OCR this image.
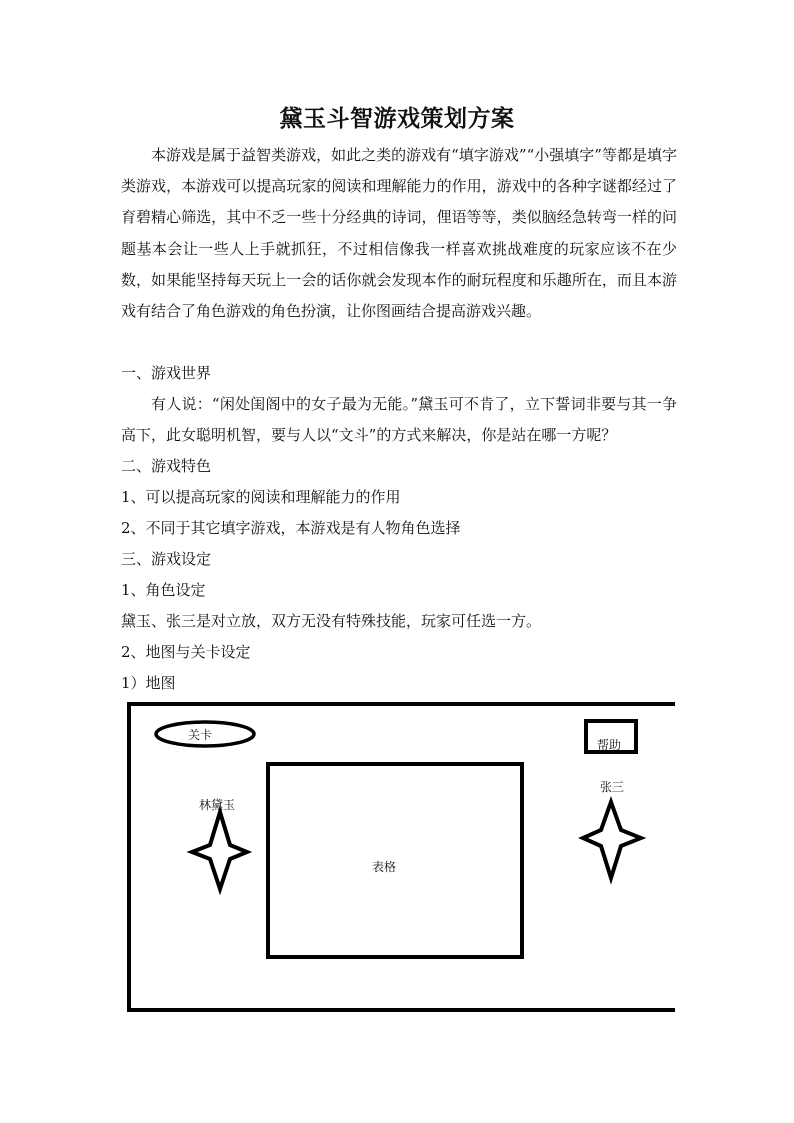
黛玉斗智游戏策划方案

本游戏是属于益智类游戏，如此之类的游戏有“填字游戏”“小强填字”等都是填字类游戏，本游戏可以提高玩家的阅读和理解能力的作用，游戏中的各种字谜都经过了育碧精心筛选，其中不乏一些十分经典的诗词，俚语等等，类似脑经急转弯一样的问题基本会让一些人上手就抓狂，不过相信像我一样喜欢挑战难度的玩家应该不在少数，如果能坚持每天玩上一会的话你就会发现本作的耐玩程度和乐趣所在，而且本游戏有结合了角色游戏的角色扮演，让你图画结合提高游戏兴趣。

一、游戏世界

有人说：“闲处闺阁中的女子最为无能。”黛玉可不肯了，立下誓词非要与其一争高下，此女聪明机智，要与人以“文斗”的方式来解决，你是站在哪一方呢？

二、游戏特色

1、可以提高玩家的阅读和理解能力的作用

2、不同于其它填字游戏，本游戏是有人物角色选择

三、游戏设定

1、角色设定

黛玉、张三是对立放，双方无没有特殊技能，玩家可任选一方。

2、地图与关卡设定

1）地图

关卡
帮助
林黛玉
张三
表格
